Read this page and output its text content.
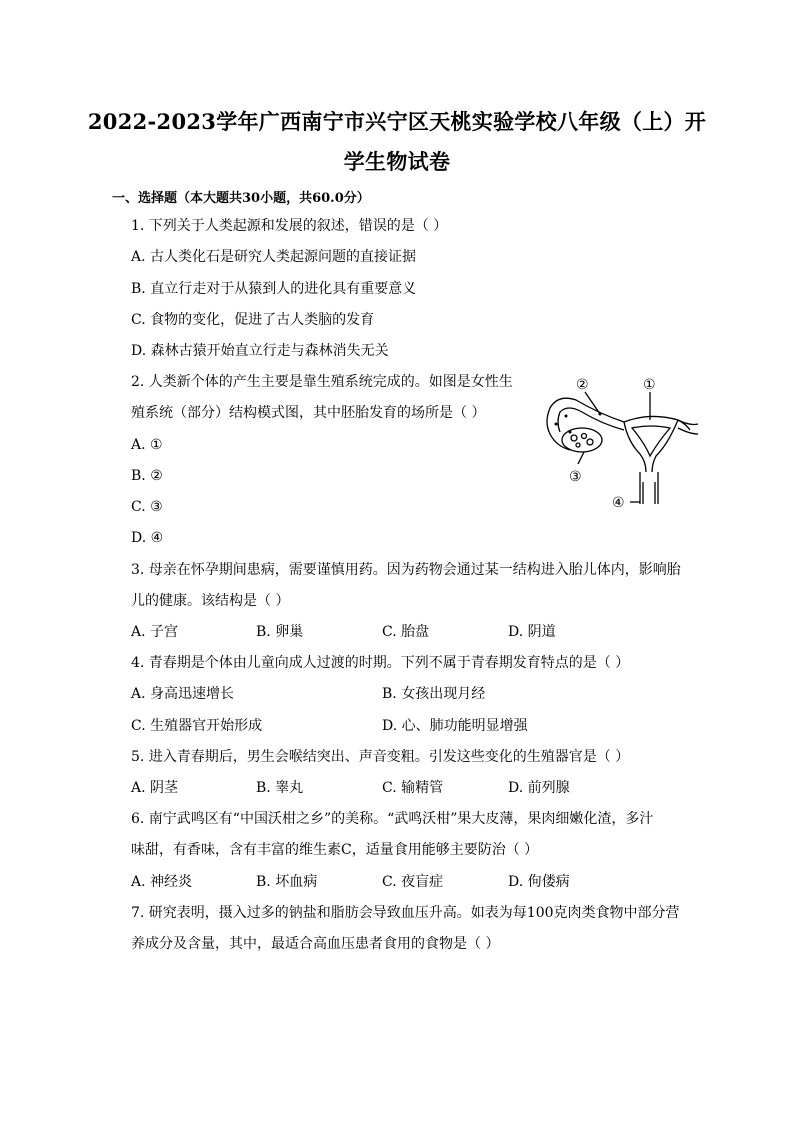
2022-2023学年广西南宁市兴宁区天桃实验学校八年级（上）开
学生物试卷
一、选择题（本大题共30小题，共60.0分）
1. 下列关于人类起源和发展的叙述，错误的是（ ）
A. 古人类化石是研究人类起源问题的直接证据
B. 直立行走对于从猿到人的进化具有重要意义
C. 食物的变化，促进了古人类脑的发育
D. 森林古猿开始直立行走与森林消失无关
2. 人类新个体的产生主要是靠生殖系统完成的。如图是女性生
殖系统（部分）结构模式图，其中胚胎发育的场所是（ ）
A. ①
B. ②
C. ③
D. ④
②	①
③
④
3. 母亲在怀孕期间患病，需要谨慎用药。因为药物会通过某一结构进入胎儿体内，影响胎
儿的健康。该结构是（ ）
A. 子宫	B. 卵巢	C. 胎盘	D. 阴道
4. 青春期是个体由儿童向成人过渡的时期。下列不属于青春期发育特点的是（ ）
A. 身高迅速增长	B. 女孩出现月经
C. 生殖器官开始形成	D. 心、肺功能明显增强
5. 进入青春期后，男生会喉结突出、声音变粗。引发这些变化的生殖器官是（ ）
A. 阴茎	B. 睾丸	C. 输精管	D. 前列腺
6. 南宁武鸣区有“中国沃柑之乡”的美称。“武鸣沃柑”果大皮薄，果肉细嫩化渣，多汁
味甜，有香味，含有丰富的维生素C，适量食用能够主要防治（ ）
A. 神经炎	B. 坏血病	C. 夜盲症	D. 佝偻病
7. 研究表明，摄入过多的钠盐和脂肪会导致血压升高。如表为每100克肉类食物中部分营
养成分及含量，其中，最适合高血压患者食用的食物是（ ）
